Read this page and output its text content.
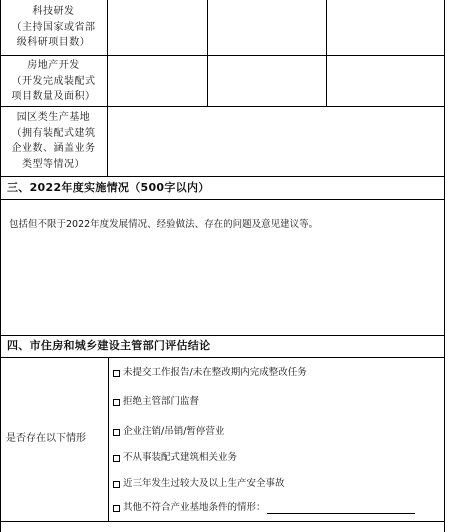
科技研发
（主持国家或省部
级科研项目数）
房地产开发
（开发完成装配式
项目数量及面积）
园区类生产基地
（拥有装配式建筑
企业数、涵盖业务
类型等情况）
三、2022年度实施情况（500字以内）
包括但不限于2022年度发展情况、经验做法、存在的问题及意见建议等。
四、市住房和城乡建设主管部门评估结论
是否存在以下情形
未提交工作报告/未在整改期内完成整改任务
拒绝主管部门监督
企业注销/吊销/暂停营业
不从事装配式建筑相关业务
近三年发生过较大及以上生产安全事故
其他不符合产业基地条件的情形：
